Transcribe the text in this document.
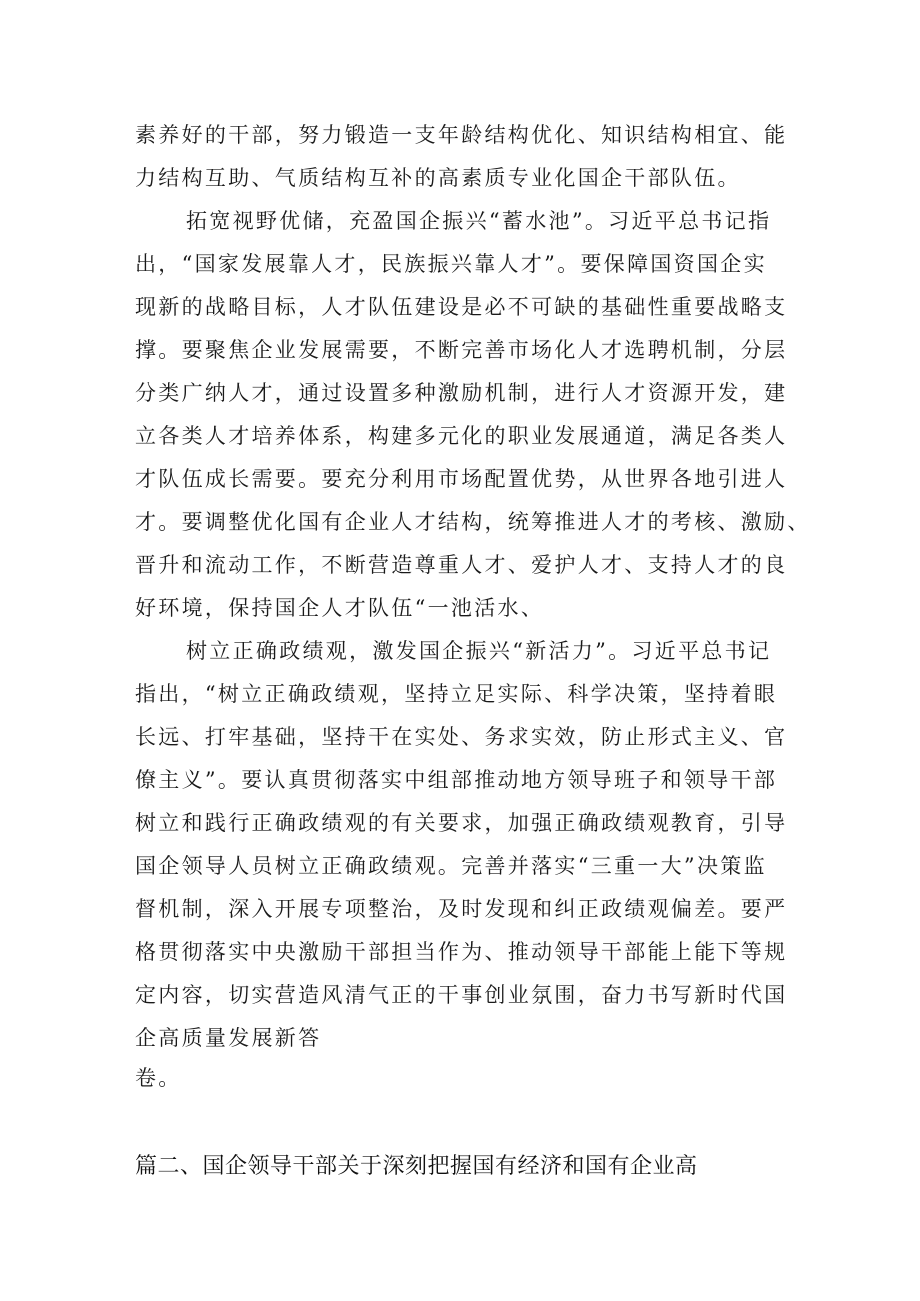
素养好的干部，努力锻造一支年龄结构优化、知识结构相宜、能
力结构互助、气质结构互补的高素质专业化国企干部队伍。
拓宽视野优储，充盈国企振兴“蓄水池”。习近平总书记指
出，“国家发展靠人才，民族振兴靠人才”。要保障国资国企实
现新的战略目标，人才队伍建设是必不可缺的基础性重要战略支
撑。要聚焦企业发展需要，不断完善市场化人才选聘机制，分层
分类广纳人才，通过设置多种激励机制，进行人才资源开发，建
立各类人才培养体系，构建多元化的职业发展通道，满足各类人
才队伍成长需要。要充分利用市场配置优势，从世界各地引进人
才。要调整优化国有企业人才结构，统筹推进人才的考核、激励、
晋升和流动工作，不断营造尊重人才、爱护人才、支持人才的良
好环境，保持国企人才队伍“一池活水、
树立正确政绩观，激发国企振兴“新活力”。习近平总书记
指出，“树立正确政绩观，坚持立足实际、科学决策，坚持着眼
长远、打牢基础，坚持干在实处、务求实效，防止形式主义、官
僚主义”。要认真贯彻落实中组部推动地方领导班子和领导干部
树立和践行正确政绩观的有关要求，加强正确政绩观教育，引导
国企领导人员树立正确政绩观。完善并落实“三重一大”决策监
督机制，深入开展专项整治，及时发现和纠正政绩观偏差。要严
格贯彻落实中央激励干部担当作为、推动领导干部能上能下等规
定内容，切实营造风清气正的干事创业氛围，奋力书写新时代国
企高质量发展新答
卷。
篇二、国企领导干部关于深刻把握国有经济和国有企业高
